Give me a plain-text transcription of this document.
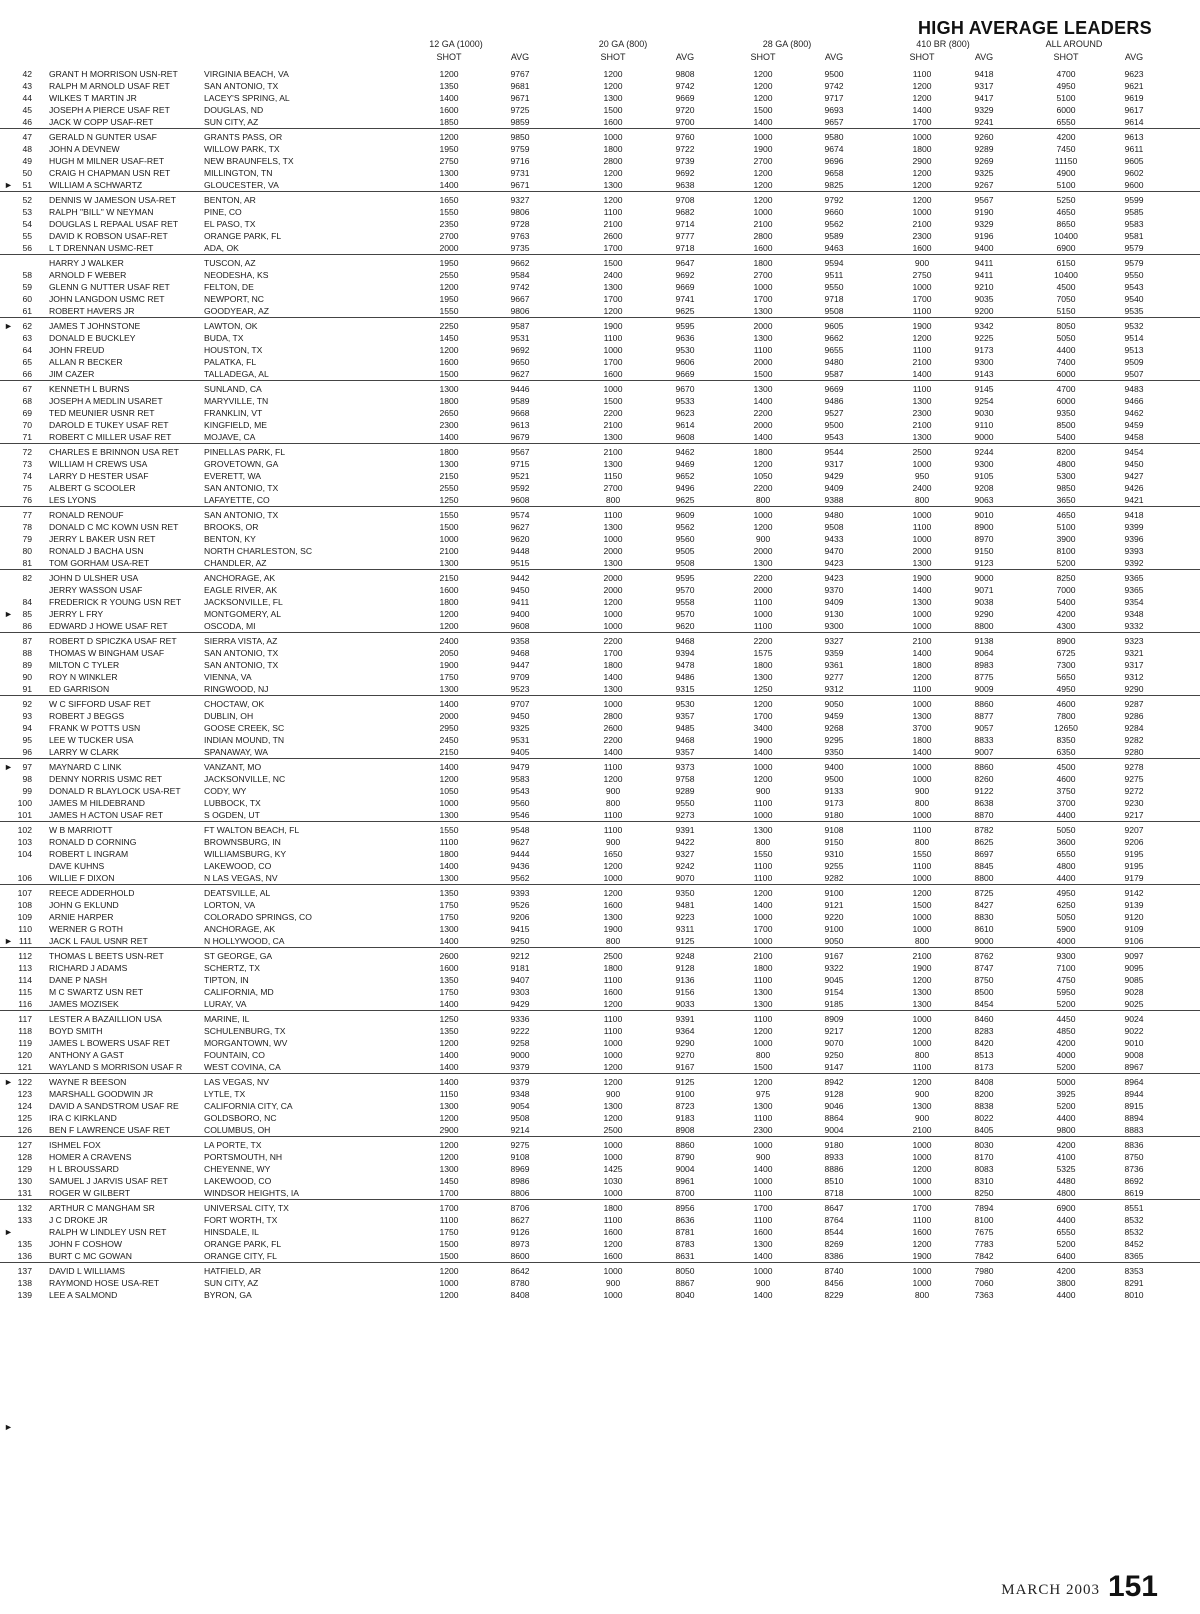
HIGH AVERAGE LEADERS
12 GA (1000)	20 GA (800)	28 GA (800)	410 BR (800)	ALL AROUND
SHOT	AVG	SHOT	AVG	SHOT	AVG	SHOT	AVG	SHOT	AVG
42 GRANT H MORRISON USN-RET	VIRGINIA BEACH, VA	1200	9767	1200	9808	1200	9500	1100	9418	4700	9623
43 RALPH M ARNOLD USAF RET	SAN ANTONIO, TX	1350	9681	1200	9742	1200	9742	1200	9317	4950	9621
44 WILKES T MARTIN JR	LACEY'S SPRING, AL	1400	9671	1300	9669	1200	9717	1200	9417	5100	9619
45 JOSEPH A PIERCE USAF RET	DOUGLAS, ND	1600	9725	1500	9720	1500	9693	1400	9329	6000	9617
46 JACK W COPP USAF-RET	SUN CITY, AZ	1850	9859	1600	9700	1400	9657	1700	9241	6550	9614
47 GERALD N GUNTER USAF	GRANTS PASS, OR	1200	9850	1000	9760	1000	9580	1000	9260	4200	9613
48 JOHN A DEVNEW	WILLOW PARK, TX	1950	9759	1800	9722	1900	9674	1800	9289	7450	9611
49 HUGH M MILNER USAF-RET	NEW BRAUNFELS, TX	2750	9716	2800	9739	2700	9696	2900	9269	11150	9605
50 CRAIG H CHAPMAN USN RET	MILLINGTON, TN	1300	9731	1200	9692	1200	9658	1200	9325	4900	9602
►	51 WILLIAM A SCHWARTZ	GLOUCESTER, VA	1400	9671	1300	9638	1200	9825	1200	9267	5100	9600
52 DENNIS W JAMESON USA-RET	BENTON, AR	1650	9327	1200	9708	1200	9792	1200	9567	5250	9599
53 RALPH "BILL" W NEYMAN	PINE, CO	1550	9806	1100	9682	1000	9660	1000	9190	4650	9585
54 DOUGLAS L REPAAL USAF RET	EL PASO, TX	2350	9728	2100	9714	2100	9562	2100	9329	8650	9583
55 DAVID K ROBSON USAF-RET	ORANGE PARK, FL	2700	9763	2600	9777	2800	9589	2300	9196	10400	9581
56 L T DRENNAN USMC-RET	ADA, OK	2000	9735	1700	9718	1600	9463	1600	9400	6900	9579
HARRY J WALKER	TUSCON, AZ	1950	9662	1500	9647	1800	9594	900	9411	6150	9579
58 ARNOLD F WEBER	NEODESHA, KS	2550	9584	2400	9692	2700	9511	2750	9411	10400	9550
59 GLENN G NUTTER USAF RET	FELTON, DE	1200	9742	1300	9669	1000	9550	1000	9210	4500	9543
60 JOHN LANGDON USMC RET	NEWPORT, NC	1950	9667	1700	9741	1700	9718	1700	9035	7050	9540
61 ROBERT HAVERS JR	GOODYEAR, AZ	1550	9806	1200	9625	1300	9508	1100	9200	5150	9535
►	62 JAMES T JOHNSTONE	LAWTON, OK	2250	9587	1900	9595	2000	9605	1900	9342	8050	9532
63 DONALD E BUCKLEY	BUDA, TX	1450	9531	1100	9636	1300	9662	1200	9225	5050	9514
64 JOHN FREUD	HOUSTON, TX	1200	9692	1000	9530	1100	9655	1100	9173	4400	9513
65 ALLAN R BECKER	PALATKA, FL	1600	9650	1700	9606	2000	9480	2100	9300	7400	9509
66 JIM CAZER	TALLADEGA, AL	1500	9627	1600	9669	1500	9587	1400	9143	6000	9507
67 KENNETH L BURNS	SUNLAND, CA	1300	9446	1000	9670	1300	9669	1100	9145	4700	9483
68 JOSEPH A MEDLIN USARET	MARYVILLE, TN	1800	9589	1500	9533	1400	9486	1300	9254	6000	9466
69 TED MEUNIER USNR RET	FRANKLIN, VT	2650	9668	2200	9623	2200	9527	2300	9030	9350	9462
70 DAROLD E TUKEY USAF RET	KINGFIELD, ME	2300	9613	2100	9614	2000	9500	2100	9110	8500	9459
71 ROBERT C MILLER USAF RET	MOJAVE, CA	1400	9679	1300	9608	1400	9543	1300	9000	5400	9458
72 CHARLES E BRINNON USA RET	PINELLAS PARK, FL	1800	9567	2100	9462	1800	9544	2500	9244	8200	9454
73 WILLIAM H CREWS USA	GROVETOWN, GA	1300	9715	1300	9469	1200	9317	1000	9300	4800	9450
74 LARRY D HESTER USAF	EVERETT, WA	2150	9521	1150	9652	1050	9429	950	9105	5300	9427
75 ALBERT G SCOOLER	SAN ANTONIO, TX	2550	9592	2700	9496	2200	9409	2400	9208	9850	9426
76 LES LYONS	LAFAYETTE, CO	1250	9608	800	9625	800	9388	800	9063	3650	9421
77 RONALD RENOUF	SAN ANTONIO, TX	1550	9574	1100	9609	1000	9480	1000	9010	4650	9418
78 DONALD C MC KOWN USN RET	BROOKS, OR	1500	9627	1300	9562	1200	9508	1100	8900	5100	9399
79 JERRY L BAKER USN RET	BENTON, KY	1000	9620	1000	9560	900	9433	1000	8970	3900	9396
80 RONALD J BACHA USN	NORTH CHARLESTON, SC	2100	9448	2000	9505	2000	9470	2000	9150	8100	9393
81 TOM GORHAM USA-RET	CHANDLER, AZ	1300	9515	1300	9508	1300	9423	1300	9123	5200	9392
82 JOHN D ULSHER USA	ANCHORAGE, AK	2150	9442	2000	9595	2200	9423	1900	9000	8250	9365
JERRY WASSON USAF	EAGLE RIVER, AK	1600	9450	2000	9570	2000	9370	1400	9071	7000	9365
84 FREDERICK R YOUNG USN RET	JACKSONVILLE, FL	1800	9411	1200	9558	1100	9409	1300	9038	5400	9354
►	85 JERRY L FRY	MONTGOMERY, AL	1200	9400	1000	9570	1000	9130	1000	9290	4200	9348
86 EDWARD J HOWE USAF RET	OSCODA, MI	1200	9608	1000	9620	1100	9300	1000	8800	4300	9332
87 ROBERT D SPICZKA USAF RET	SIERRA VISTA, AZ	2400	9358	2200	9468	2200	9327	2100	9138	8900	9323
88 THOMAS W BINGHAM USAF	SAN ANTONIO, TX	2050	9468	1700	9394	1575	9359	1400	9064	6725	9321
89 MILTON C TYLER	SAN ANTONIO, TX	1900	9447	1800	9478	1800	9361	1800	8983	7300	9317
90 ROY N WINKLER	VIENNA, VA	1750	9709	1400	9486	1300	9277	1200	8775	5650	9312
91 ED GARRISON	RINGWOOD, NJ	1300	9523	1300	9315	1250	9312	1100	9009	4950	9290
92 W C SIFFORD USAF RET	CHOCTAW, OK	1400	9707	1000	9530	1200	9050	1000	8860	4600	9287
93 ROBERT J BEGGS	DUBLIN, OH	2000	9450	2800	9357	1700	9459	1300	8877	7800	9286
94 FRANK W POTTS USN	GOOSE CREEK, SC	2950	9325	2600	9485	3400	9268	3700	9057	12650	9284
95 LEE W TUCKER USA	INDIAN MOUND, TN	2450	9531	2200	9468	1900	9295	1800	8833	8350	9282
96 LARRY W CLARK	SPANAWAY, WA	2150	9405	1400	9357	1400	9350	1400	9007	6350	9280
►	97 MAYNARD C LINK	VANZANT, MO	1400	9479	1100	9373	1000	9400	1000	8860	4500	9278
98 DENNY NORRIS USMC RET	JACKSONVILLE, NC	1200	9583	1200	9758	1200	9500	1000	8260	4600	9275
99 DONALD R BLAYLOCK USA-RET	CODY, WY	1050	9543	900	9289	900	9133	900	9122	3750	9272
100 JAMES M HILDEBRAND	LUBBOCK, TX	1000	9560	800	9550	1100	9173	800	8638	3700	9230
101 JAMES H ACTON USAF RET	S OGDEN, UT	1300	9546	1100	9273	1000	9180	1000	8870	4400	9217
102 W B MARRIOTT	FT WALTON BEACH, FL	1550	9548	1100	9391	1300	9108	1100	8782	5050	9207
103 RONALD D CORNING	BROWNSBURG, IN	1100	9627	900	9422	800	9150	800	8625	3600	9206
104 ROBERT L INGRAM	WILLIAMSBURG, KY	1800	9444	1650	9327	1550	9310	1550	8697	6550	9195
DAVE KUHNS	LAKEWOOD, CO	1400	9436	1200	9242	1100	9255	1100	8845	4800	9195
106 WILLIE F DIXON	N LAS VEGAS, NV	1300	9562	1000	9070	1100	9282	1000	8800	4400	9179
107 REECE ADDERHOLD	DEATSVILLE, AL	1350	9393	1200	9350	1200	9100	1200	8725	4950	9142
108 JOHN G EKLUND	LORTON, VA	1750	9526	1600	9481	1400	9121	1500	8427	6250	9139
109 ARNIE HARPER	COLORADO SPRINGS, CO	1750	9206	1300	9223	1000	9220	1000	8830	5050	9120
110 WERNER G ROTH	ANCHORAGE, AK	1300	9415	1900	9311	1700	9100	1000	8610	5900	9109
► 111 JACK L FAUL USNR RET	N HOLLYWOOD, CA	1400	9250	800	9125	1000	9050	800	9000	4000	9106
112 THOMAS L BEETS USN-RET	ST GEORGE, GA	2600	9212	2500	9248	2100	9167	2100	8762	9300	9097
113 RICHARD J ADAMS	SCHERTZ, TX	1600	9181	1800	9128	1800	9322	1900	8747	7100	9095
114 DANE P NASH	TIPTON, IN	1350	9407	1100	9136	1100	9045	1200	8750	4750	9085
115 M C SWARTZ USN RET	CALIFORNIA, MD	1750	9303	1600	9156	1300	9154	1300	8500	5950	9028
116 JAMES MOZISEK	LURAY, VA	1400	9429	1200	9033	1300	9185	1300	8454	5200	9025
117 LESTER A BAZAILLION USA	MARINE, IL	1250	9336	1100	9391	1100	8909	1000	8460	4450	9024
118 BOYD SMITH	SCHULENBURG, TX	1350	9222	1100	9364	1200	9217	1200	8283	4850	9022
119 JAMES L BOWERS USAF RET	MORGANTOWN, WV	1200	9258	1000	9290	1000	9070	1000	8420	4200	9010
120 ANTHONY A GAST	FOUNTAIN, CO	1400	9000	1000	9270	800	9250	800	8513	4000	9008
121 WAYLAND S MORRISON USAF R	WEST COVINA, CA	1400	9379	1200	9167	1500	9147	1100	8173	5200	8967
► 122 WAYNE R BEESON	LAS VEGAS, NV	1400	9379	1200	9125	1200	8942	1200	8408	5000	8964
123 MARSHALL GOODWIN JR	LYTLE, TX	1150	9348	900	9100	975	9128	900	8200	3925	8944
124 DAVID A SANDSTROM USAF RE	CALIFORNIA CITY, CA	1300	9054	1300	8723	1300	9046	1300	8838	5200	8915
125 IRA C KIRKLAND	GOLDSBORO, NC	1200	9508	1200	9183	1100	8864	900	8022	4400	8894
126 BEN F LAWRENCE USAF RET	COLUMBUS, OH	2900	9214	2500	8908	2300	9004	2100	8405	9800	8883
127 ISHMEL FOX	LA PORTE, TX	1200	9275	1000	8860	1000	9180	1000	8030	4200	8836
128 HOMER A CRAVENS	PORTSMOUTH, NH	1200	9108	1000	8790	900	8933	1000	8170	4100	8750
129 H L BROUSSARD	CHEYENNE, WY	1300	8969	1425	9004	1400	8886	1200	8083	5325	8736
130 SAMUEL J JARVIS USAF RET	LAKEWOOD, CO	1450	8986	1030	8961	1000	8510	1000	8310	4480	8692
131 ROGER W GILBERT	WINDSOR HEIGHTS, IA	1700	8806	1000	8700	1100	8718	1000	8250	4800	8619
132 ARTHUR C MANGHAM SR	UNIVERSAL CITY, TX	1700	8706	1800	8956	1700	8647	1700	7894	6900	8551
133 J C DROKE JR	FORT WORTH, TX	1100	8627	1100	8636	1100	8764	1100	8100	4400	8532
►	RALPH W LINDLEY USN RET	HINSDALE, IL	1750	9126	1600	8781	1600	8544	1600	7675	6550	8532
135 JOHN F COSHOW	ORANGE PARK, FL	1500	8973	1200	8783	1300	8269	1200	7783	5200	8452
136 BURT C MC GOWAN	ORANGE CITY, FL	1500	8600	1600	8631	1400	8386	1900	7842	6400	8365
137 DAVID L WILLIAMS	HATFIELD, AR	1200	8642	1000	8050	1000	8740	1000	7980	4200	8353
138 RAYMOND HOSE USA-RET	SUN CITY, AZ	1000	8780	900	8867	900	8456	1000	7060	3800	8291
139 LEE A SALMOND	BYRON, GA	1200	8408	1000	8040	1400	8229	800	7363	4400	8010
►
MARCH 2003 151
